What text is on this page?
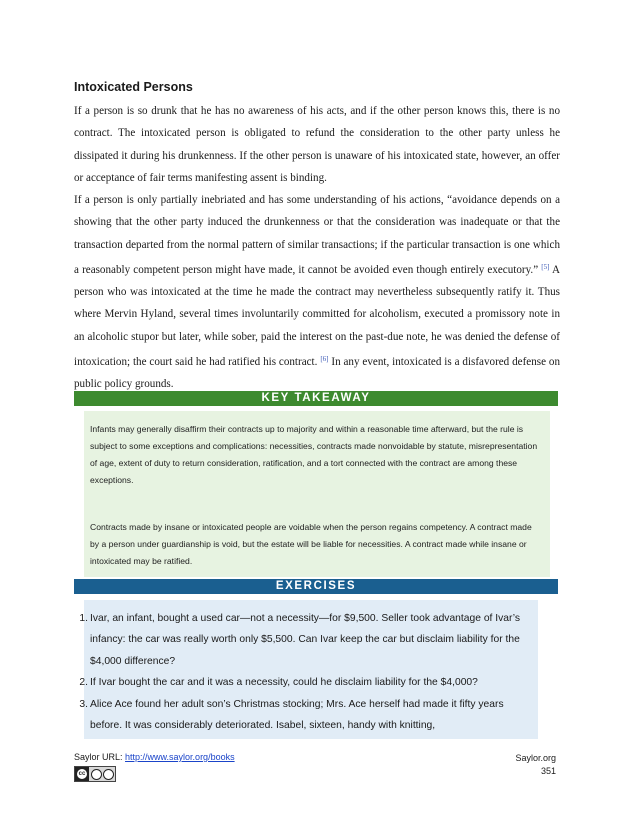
Intoxicated Persons

If a person is so drunk that he has no awareness of his acts, and if the other person knows this, there is no contract. The intoxicated person is obligated to refund the consideration to the other party unless he dissipated it during his drunkenness. If the other person is unaware of his intoxicated state, however, an offer or acceptance of fair terms manifesting assent is binding.

If a person is only partially inebriated and has some understanding of his actions, “avoidance depends on a showing that the other party induced the drunkenness or that the consideration was inadequate or that the transaction departed from the normal pattern of similar transactions; if the particular transaction is one which a reasonably competent person might have made, it cannot be avoided even though entirely executory.” [5] A person who was intoxicated at the time he made the contract may nevertheless subsequently ratify it. Thus where Mervin Hyland, several times involuntarily committed for alcoholism, executed a promissory note in an alcoholic stupor but later, while sober, paid the interest on the past-due note, he was denied the defense of intoxication; the court said he had ratified his contract. [6] In any event, intoxicated is a disfavored defense on public policy grounds.

KEY TAKEAWAY

Infants may generally disaffirm their contracts up to majority and within a reasonable time afterward, but the rule is subject to some exceptions and complications: necessities, contracts made nonvoidable by statute, misrepresentation of age, extent of duty to return consideration, ratification, and a tort connected with the contract are among these exceptions.

Contracts made by insane or intoxicated people are voidable when the person regains competency. A contract made by a person under guardianship is void, but the estate will be liable for necessities. A contract made while insane or intoxicated may be ratified.

EXERCISES
1. Ivar, an infant, bought a used car—not a necessity—for $9,500. Seller took advantage of Ivar’s infancy: the car was really worth only $5,500. Can Ivar keep the car but disclaim liability for the $4,000 difference?
2. If Ivar bought the car and it was a necessity, could he disclaim liability for the $4,000?
3. Alice Ace found her adult son’s Christmas stocking; Mrs. Ace herself had made it fifty years before. It was considerably deteriorated. Isabel, sixteen, handy with knitting,
Saylor URL: http://www.saylor.org/books
cc
Saylor.org
351
